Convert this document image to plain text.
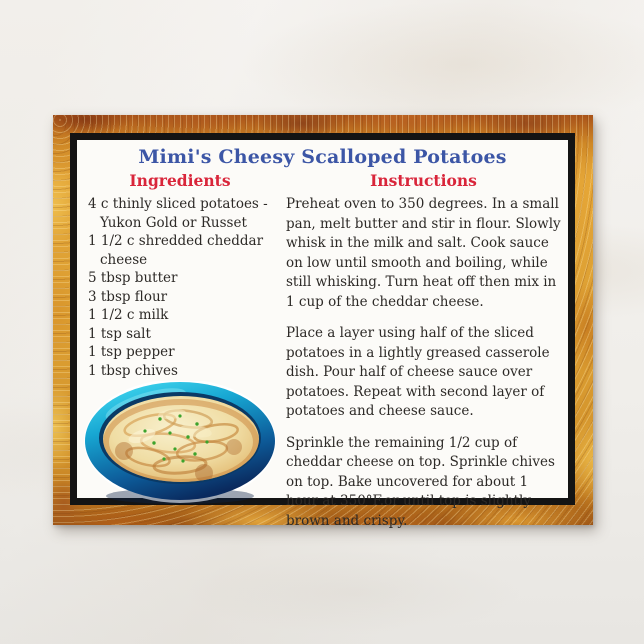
Mimi's Cheesy Scalloped Potatoes
Ingredients
4 c thinly sliced potatoes - Yukon Gold or Russet
1 1/2 c shredded cheddar cheese
5 tbsp butter
3 tbsp flour
1 1/2 c milk
1 tsp salt
1 tsp pepper
1 tbsp chives
Instructions

Preheat oven to 350 degrees. In a small pan, melt butter and stir in flour. Slowly whisk in the milk and salt. Cook sauce on low until smooth and boiling, while still whisking. Turn heat off then mix in 1 cup of the cheddar cheese.

Place a layer using half of the sliced potatoes in a lightly greased casserole dish. Pour half of cheese sauce over potatoes. Repeat with second layer of potatoes and cheese sauce.

Sprinkle the remaining 1/2 cup of cheddar cheese on top. Sprinkle chives on top. Bake uncovered for about 1 hour at 350°F.or until top is slightly brown and crispy.
